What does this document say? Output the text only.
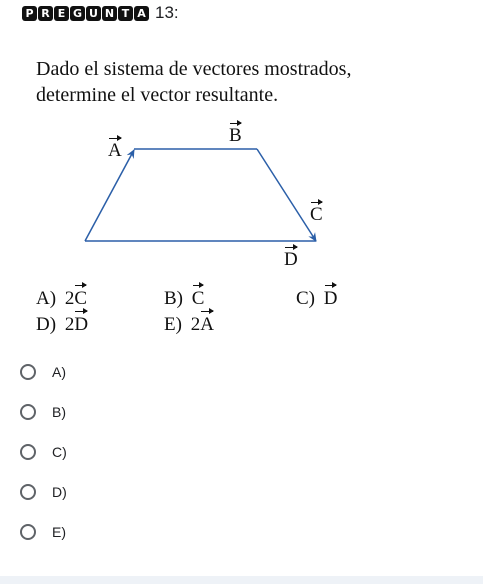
P R E G U N T A 13:
Dado el sistema de vectores mostrados,
determine el vector resultante.
A
B
C
D
A) 2C	B) C	C) D
D) 2D	E) 2A
A)
B)
C)
D)
E)
